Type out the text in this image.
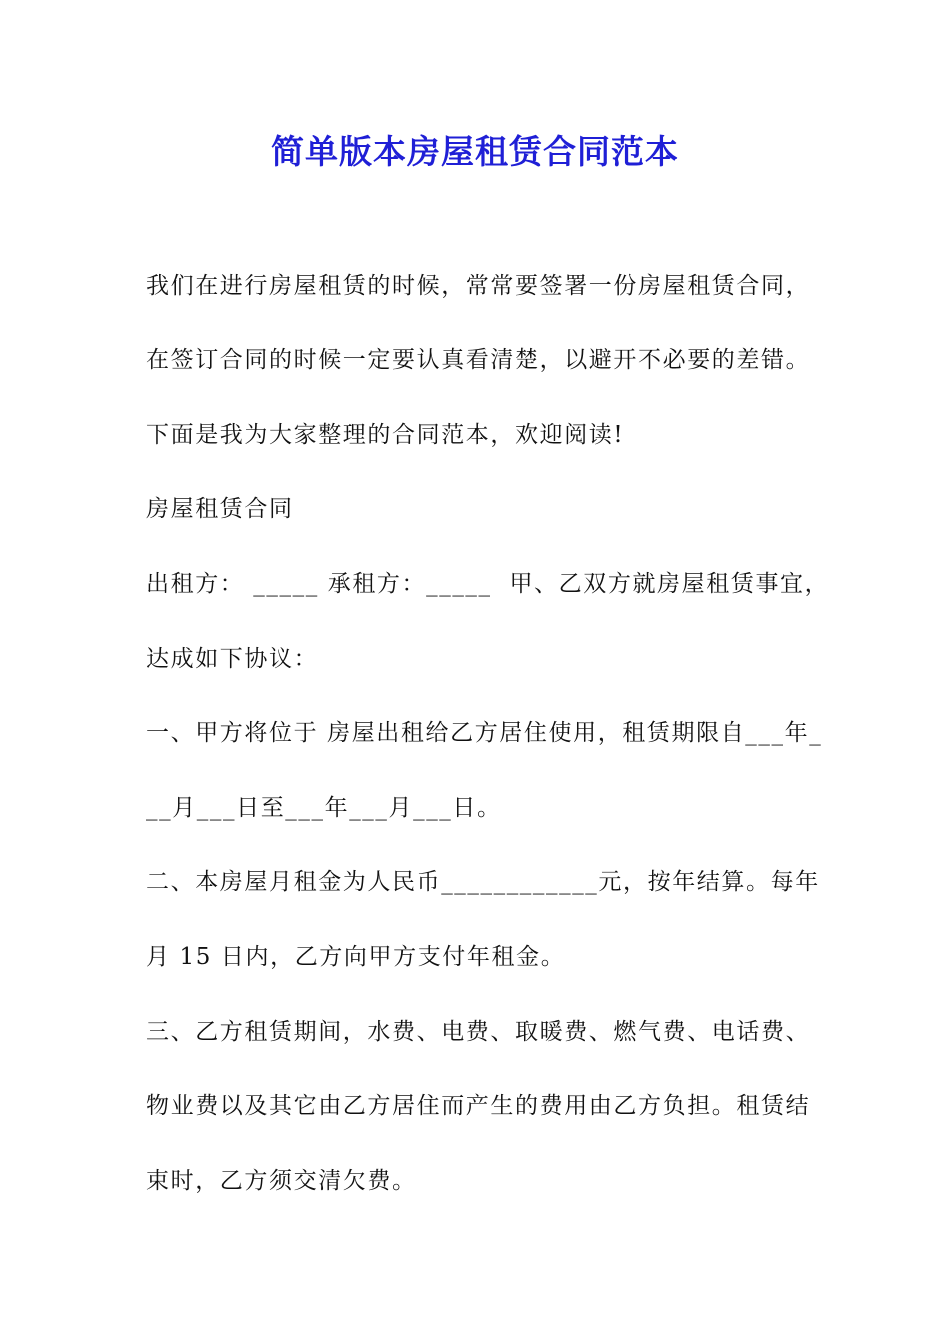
简单版本房屋租赁合同范本
我们在进行房屋租赁的时候，常常要签署一份房屋租赁合同，
在签订合同的时候一定要认真看清楚，以避开不必要的差错。
下面是我为大家整理的合同范本，欢迎阅读!
房屋租赁合同
出租方： _____ 承租方：_____  甲、乙双方就房屋租赁事宜，
达成如下协议：
一、甲方将位于 房屋出租给乙方居住使用，租赁期限自___年_
__月___日至___年___月___日。
二、本房屋月租金为人民币____________元，按年结算。每年
月 15 日内，乙方向甲方支付年租金。
三、乙方租赁期间，水费、电费、取暖费、燃气费、电话费、
物业费以及其它由乙方居住而产生的费用由乙方负担。租赁结
束时，乙方须交清欠费。
